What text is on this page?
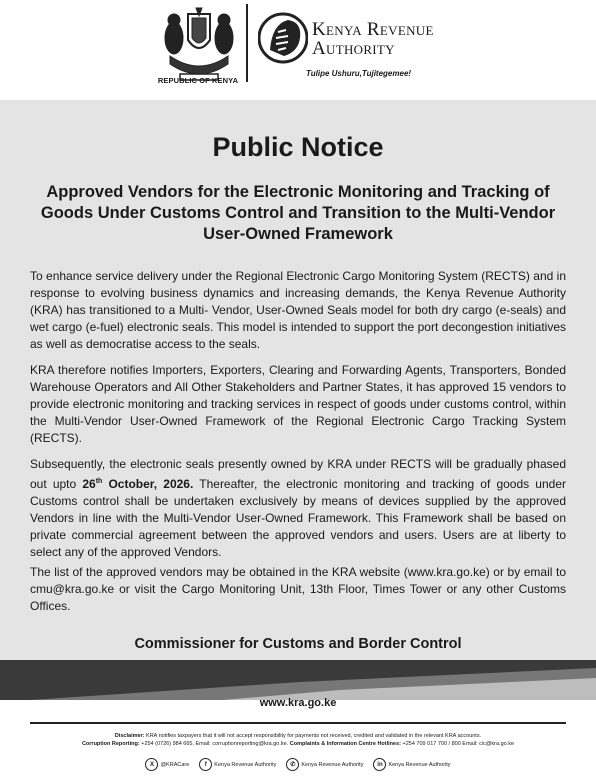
REPUBLIC OF KENYA
Kenya Revenue
Authority
Tulipe Ushuru,Tujitegemee!
Public Notice
Approved Vendors for the Electronic Monitoring and Tracking of Goods Under Customs Control and Transition to the Multi-Vendor User-Owned Framework

To enhance service delivery under the Regional Electronic Cargo Monitoring System (RECTS) and in response to evolving business dynamics and increasing demands, the Kenya Revenue Authority (KRA) has transitioned to a Multi- Vendor, User-Owned Seals model for both dry cargo (e-seals) and wet cargo (e-fuel) electronic seals. This model is intended to support the port decongestion initiatives as well as democratise access to the seals.

KRA therefore notifies Importers, Exporters, Clearing and Forwarding Agents, Transporters, Bonded Warehouse Operators and All Other Stakeholders and Partner States, it has approved 15 vendors to provide electronic monitoring and tracking services in respect of goods under customs control, within the Multi-Vendor User-Owned Framework of the Regional Electronic Cargo Tracking System (RECTS).

Subsequently, the electronic seals presently owned by KRA under RECTS will be gradually phased out upto 26th October, 2026. Thereafter, the electronic monitoring and tracking of goods under Customs control shall be undertaken exclusively by means of devices supplied by the approved Vendors in line with the Multi-Vendor User-Owned Framework. This Framework shall be based on private commercial agreement between the approved vendors and users. Users are at liberty to select any of the approved Vendors.

The list of the approved vendors may be obtained in the KRA website (www.kra.go.ke) or by email to cmu@kra.go.ke or visit the Cargo Monitoring Unit, 13th Floor, Times Tower or any other Customs Offices.

Commissioner for Customs and Border Control
www.kra.go.ke
Disclaimer: KRA notifies taxpayers that it will not accept responsibility for payments not received, credited and validated in the relevant KRA accounts.
Corruption Reporting: +254 (0726) 984 665, Email: corruptionreporting@kra.go.ke. Complaints & Information Centre Hotlines: +254 709 017 700 / 800 Email: cic@kra.go.ke
X	@KRACare	f	Kenya Revenue Authority	✆	Kenya Revenue Authority	in	Kenya Revenue Authority
